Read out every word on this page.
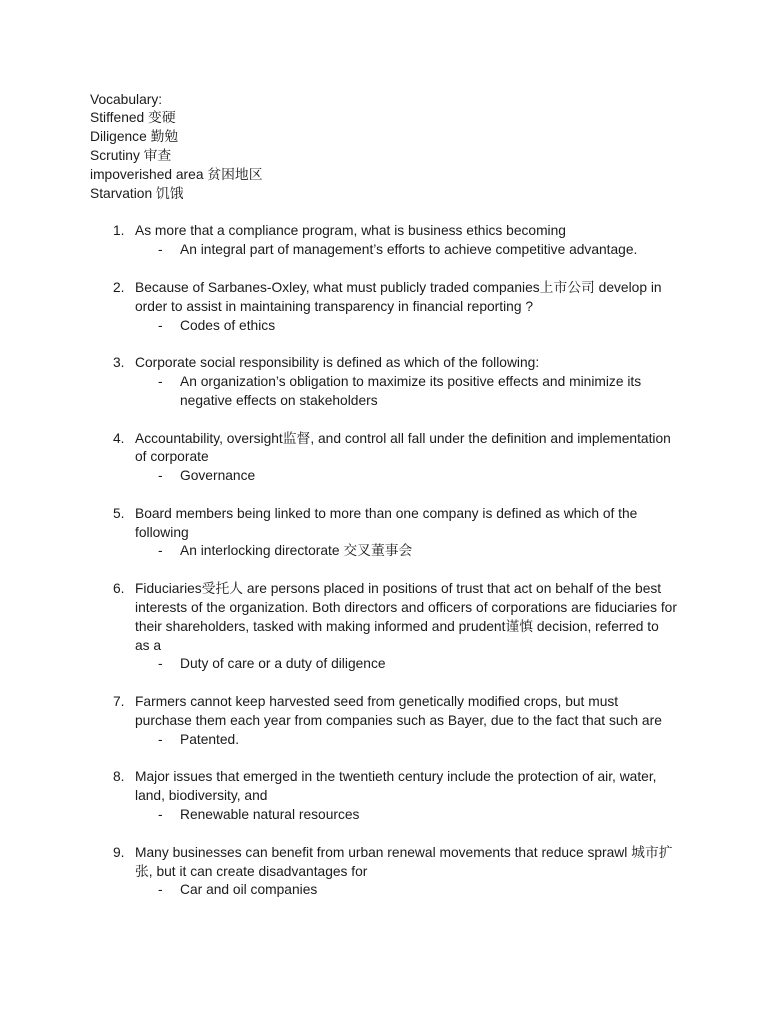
Vocabulary:
Stiffened 变硬
Diligence 勤勉
Scrutiny 审查
impoverished area 贫困地区
Starvation 饥饿
1. As more that a compliance program, what is business ethics becoming
-	An integral part of management’s efforts to achieve competitive advantage.
2. Because of Sarbanes-Oxley, what must publicly traded companies上市公司 develop in
order to assist in maintaining transparency in financial reporting ?
-	Codes of ethics
3. Corporate social responsibility is defined as which of the following:
-	An organization’s obligation to maximize its positive effects and minimize its
negative effects on stakeholders
4. Accountability, oversight监督, and control all fall under the definition and implementation
of corporate
-	Governance
5. Board members being linked to more than one company is defined as which of the
following
-	An interlocking directorate 交叉董事会
6. Fiduciaries受托人 are persons placed in positions of trust that act on behalf of the best
interests of the organization. Both directors and officers of corporations are fiduciaries for
their shareholders, tasked with making informed and prudent谨慎 decision, referred to
as a
-	Duty of care or a duty of diligence
7. Farmers cannot keep harvested seed from genetically modified crops, but must
purchase them each year from companies such as Bayer, due to the fact that such are
-	Patented.
8. Major issues that emerged in the twentieth century include the protection of air, water,
land, biodiversity, and
-	Renewable natural resources
9. Many businesses can benefit from urban renewal movements that reduce sprawl 城市扩
张, but it can create disadvantages for
-	Car and oil companies
